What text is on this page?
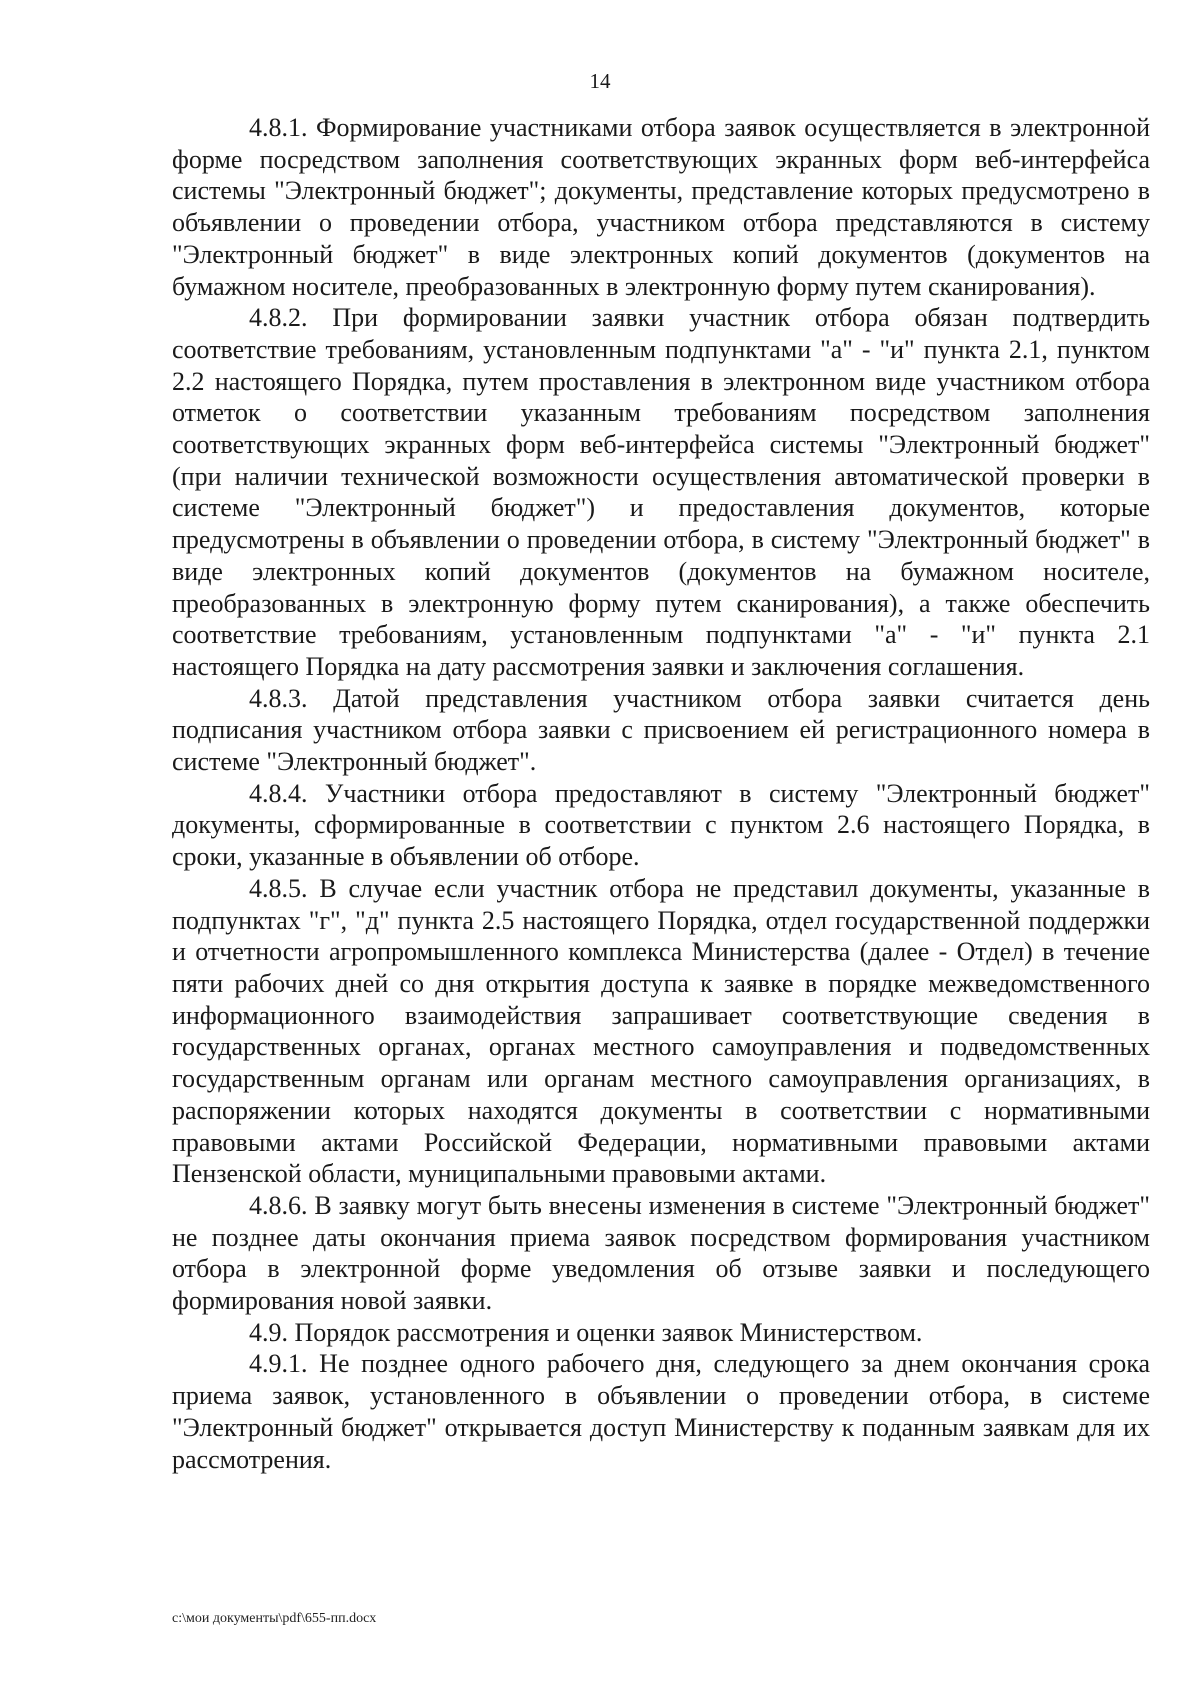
14

4.8.1. Формирование участниками отбора заявок осуществляется в электронной форме посредством заполнения соответствующих экранных форм веб-интерфейса системы "Электронный бюджет"; документы, представление которых предусмотрено в объявлении о проведении отбора, участником отбора представляются в систему "Электронный бюджет" в виде электронных копий документов (документов на бумажном носителе, преобразованных в электронную форму путем сканирования).

4.8.2. При формировании заявки участник отбора обязан подтвердить соответствие требованиям, установленным подпунктами "а" - "и" пункта 2.1, пунктом 2.2 настоящего Порядка, путем проставления в электронном виде участником отбора отметок о соответствии указанным требованиям посредством заполнения соответствующих экранных форм веб-интерфейса системы "Электронный бюджет" (при наличии технической возможности осуществления автоматической проверки в системе "Электронный бюджет") и предоставления документов, которые предусмотрены в объявлении о проведении отбора, в систему "Электронный бюджет" в виде электронных копий документов (документов на бумажном носителе, преобразованных в электронную форму путем сканирования), а также обеспечить соответствие требованиям, установленным подпунктами "а" - "и" пункта 2.1 настоящего Порядка на дату рассмотрения заявки и заключения соглашения.

4.8.3. Датой представления участником отбора заявки считается день подписания участником отбора заявки с присвоением ей регистрационного номера в системе "Электронный бюджет".

4.8.4. Участники отбора предоставляют в систему "Электронный бюджет" документы, сформированные в соответствии с пунктом 2.6 настоящего Порядка, в сроки, указанные в объявлении об отборе.

4.8.5. В случае если участник отбора не представил документы, указанные в подпунктах "г", "д" пункта 2.5 настоящего Порядка, отдел государственной поддержки и отчетности агропромышленного комплекса Министерства (далее - Отдел) в течение пяти рабочих дней со дня открытия доступа к заявке в порядке межведомственного информационного взаимодействия запрашивает соответствующие сведения в государственных органах, органах местного самоуправления и подведомственных государственным органам или органам местного самоуправления организациях, в распоряжении которых находятся документы в соответствии с нормативными правовыми актами Российской Федерации, нормативными правовыми актами Пензенской области, муниципальными правовыми актами.

4.8.6. В заявку могут быть внесены изменения в системе "Электронный бюджет" не позднее даты окончания приема заявок посредством формирования участником отбора в электронной форме уведомления об отзыве заявки и последующего формирования новой заявки.

4.9. Порядок рассмотрения и оценки заявок Министерством.

4.9.1. Не позднее одного рабочего дня, следующего за днем окончания срока приема заявок, установленного в объявлении о проведении отбора, в системе "Электронный бюджет" открывается доступ Министерству к поданным заявкам для их рассмотрения.

c:\мои документы\pdf\655-пп.docx
